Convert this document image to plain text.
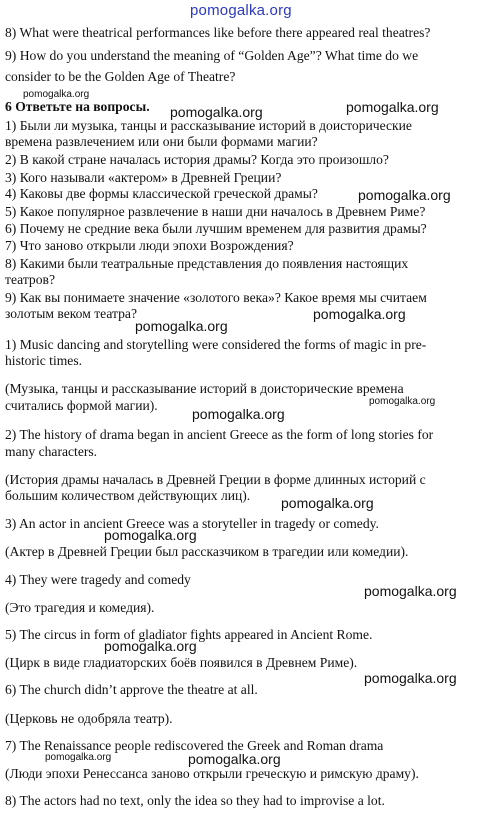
pomogalka.org
8) What were theatrical performances like before there appeared real theatres?
9) How do you understand the meaning of “Golden Age”? What time do we
consider to be the Golden Age of Theatre?
6 Ответьте на вопросы.
1) Были ли музыка, танцы и рассказывание историй в доисторические
времена развлечением или они были формами магии?
2) В какой стране началась история драмы? Когда это произошло?
3) Кого называли «актером» в Древней Греции?
4) Каковы две формы классической греческой драмы?
5) Какое популярное развлечение в наши дни началось в Древнем Риме?
6) Почему не средние века были лучшим временем для развития драмы?
7) Что заново открыли люди эпохи Возрождения?
8) Какими были театральные представления до появления настоящих
театров?
9) Как вы понимаете значение «золотого века»? Какое время мы считаем
золотым веком театра?
1) Music dancing and storytelling were considered the forms of magic in pre-
historic times.
(Музыка, танцы и рассказывание историй в доисторические времена
считались формой магии).
2) The history of drama began in ancient Greece as the form of long stories for
many characters.
(История драмы началась в Древней Греции в форме длинных историй с
большим количеством действующих лиц).
3) An actor in ancient Greece was a storyteller in tragedy or comedy.
(Актер в Древней Греции был рассказчиком в трагедии или комедии).
4) They were tragedy and comedy
(Это трагедия и комедия).
5) The circus in form of gladiator fights appeared in Ancient Rome.
(Цирк в виде гладиаторских боёв появился в Древнем Риме).
6) The church didn’t approve the theatre at all.
(Церковь не одобряла театр).
7) The Renaissance people rediscovered the Greek and Roman drama
(Люди эпохи Ренессанса заново открыли греческую и римскую драму).
8) The actors had no text, only the idea so they had to improvise a lot.
pomogalka.org
pomogalka.org	pomogalka.org
pomogalka.org
pomogalka.org
pomogalka.org
pomogalka.org
pomogalka.org
pomogalka.org
pomogalka.org
pomogalka.org
pomogalka.org
pomogalka.org
pomogalka.org	pomogalka.org
